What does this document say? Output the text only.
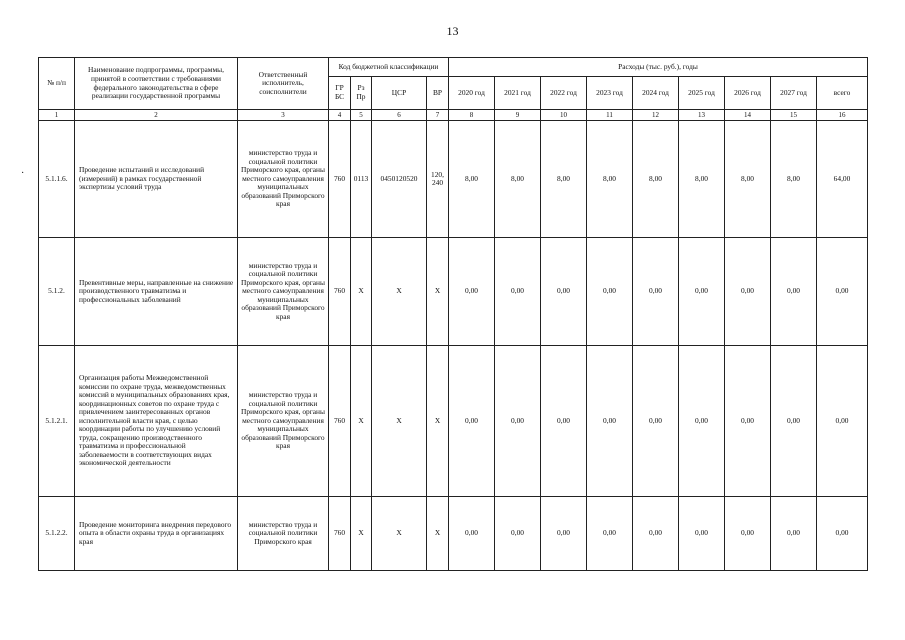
13
·
№ п/п	Наименование подпрограммы, программы, принятой в соответствии с требованиями федерального законодательства в сфере реализации государственной программы	Ответственный исполнитель, соисполнители	Код бюджетной классификации				Расходы (тыс. руб.), годы								
			ГР БС	Рз Пр	ЦСР	ВР	2020 год	2021 год	2022 год	2023 год	2024 год	2025 год	2026 год	2027 год	всего
1	2	3	4	5	6	7	8	9	10	11	12	13	14	15	16
5.1.1.6.	Проведение испытаний и исследований (измерений) в рамках государственной экспертизы условий труда	министерство труда и социальной политики Приморского края, органы местного самоуправления муниципальных образований Приморского края	760	0113	0450120520	120, 240	8,00	8,00	8,00	8,00	8,00	8,00	8,00	8,00	64,00
5.1.2.	Превентивные меры, направленные на снижение производственного травматизма и профессиональных заболеваний	министерство труда и социальной политики Приморского края, органы местного самоуправления муниципальных образований Приморского края	760	Х	Х	Х	0,00	0,00	0,00	0,00	0,00	0,00	0,00	0,00	0,00
5.1.2.1.	Организация работы Межведомственной комиссии по охране труда, межведомственных комиссий в муниципальных образованиях края, координационных советов по охране труда с привлечением заинтересованных органов исполнительной власти края, с целью координации работы по улучшению условий труда, сокращению производственного травматизма и профессиональной заболеваемости в соответствующих видах экономической деятельности	министерство труда и социальной политики Приморского края, органы местного самоуправления муниципальных образований Приморского края	760	Х	Х	Х	0,00	0,00	0,00	0,00	0,00	0,00	0,00	0,00	0,00
5.1.2.2.	Проведение мониторинга внедрения передового опыта в области охраны труда в организациях края	министерство труда и социальной политики Приморского края	760	Х	Х	Х	0,00	0,00	0,00	0,00	0,00	0,00	0,00	0,00	0,00
